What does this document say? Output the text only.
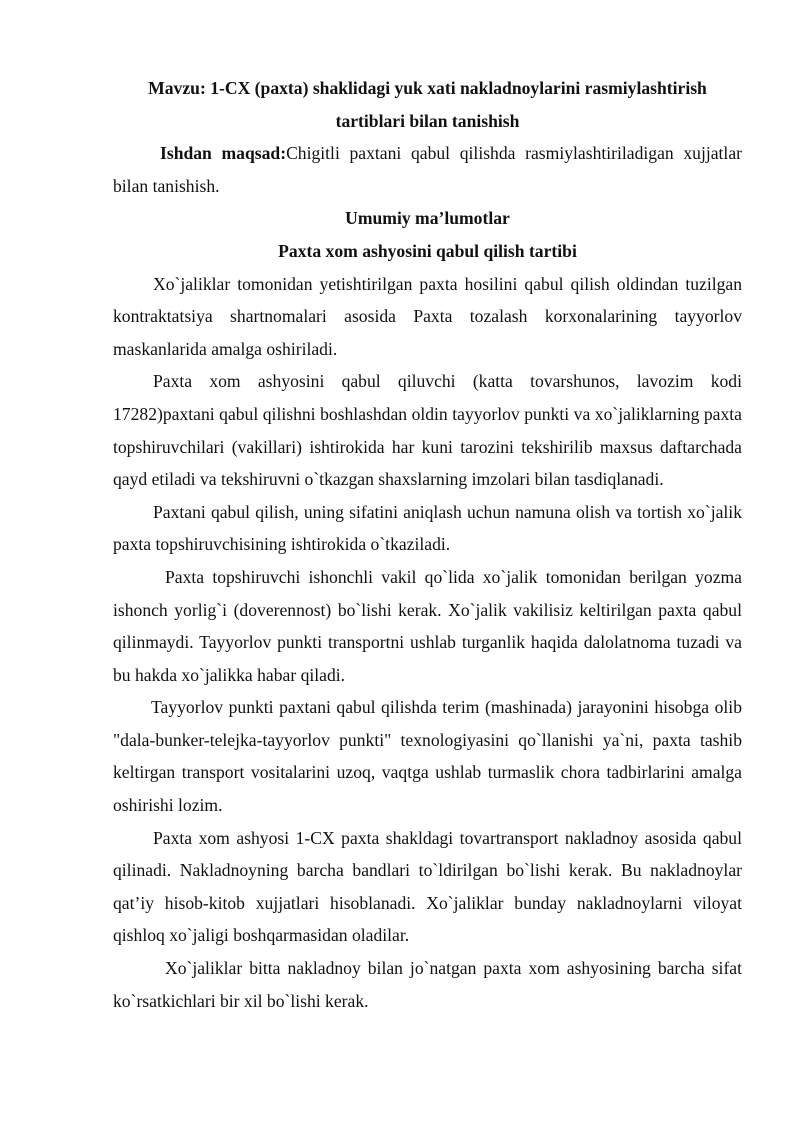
Mavzu: 1-CX (paxta) shaklidagi yuk xati nakladnoylarini rasmiylashtirish tartiblari bilan tanishish

Ishdan maqsad:Chigitli paxtani qabul qilishda rasmiylashtiriladigan xujjatlar bilan tanishish.

Umumiy ma’lumotlar

Paxta xom ashyosini qabul qilish tartibi

Xo`jaliklar tomonidan yetishtirilgan paxta hosilini qabul qilish oldindan tuzilgan kontraktatsiya shartnomalari asosida Paxta tozalash korxonalarining tayyorlov maskanlarida amalga oshiriladi.

Paxta xom ashyosini qabul qiluvchi (katta tovarshunos, lavozim kodi 17282)paxtani qabul qilishni boshlashdan oldin tayyorlov punkti va xo`jaliklarning paxta topshiruvchilari (vakillari) ishtirokida har kuni tarozini tekshirilib maxsus daftarchada qayd etiladi va tekshiruvni o`tkazgan shaxslarning imzolari bilan tasdiqlanadi.

Paxtani qabul qilish, uning sifatini aniqlash uchun namuna olish va tortish xo`jalik paxta topshiruvchisining ishtirokida o`tkaziladi.

Paxta topshiruvchi ishonchli vakil qo`lida xo`jalik tomonidan berilgan yozma ishonch yorlig`i (doverennost) bo`lishi kerak. Xo`jalik vakilisiz keltirilgan paxta qabul qilinmaydi. Tayyorlov punkti transportni ushlab turganlik haqida dalolatnoma tuzadi va bu hakda xo`jalikka habar qiladi.

Tayyorlov punkti paxtani qabul qilishda terim (mashinada) jarayonini hisobga olib "dala-bunker-telejka-tayyorlov punkti" texnologiyasini qo`llanishi ya`ni, paxta tashib keltirgan transport vositalarini uzoq, vaqtga ushlab turmaslik chora tadbirlarini amalga oshirishi lozim.

Paxta xom ashyosi 1-CX paxta shakldagi tovartransport nakladnoy asosida qabul qilinadi. Nakladnoyning barcha bandlari to`ldirilgan bo`lishi kerak. Bu nakladnoylar qat’iy hisob-kitob xujjatlari hisoblanadi. Xo`jaliklar bunday nakladnoylarni viloyat qishloq xo`jaligi boshqarmasidan oladilar.

Xo`jaliklar bitta nakladnoy bilan jo`natgan paxta xom ashyosining barcha sifat ko`rsatkichlari bir xil bo`lishi kerak.
